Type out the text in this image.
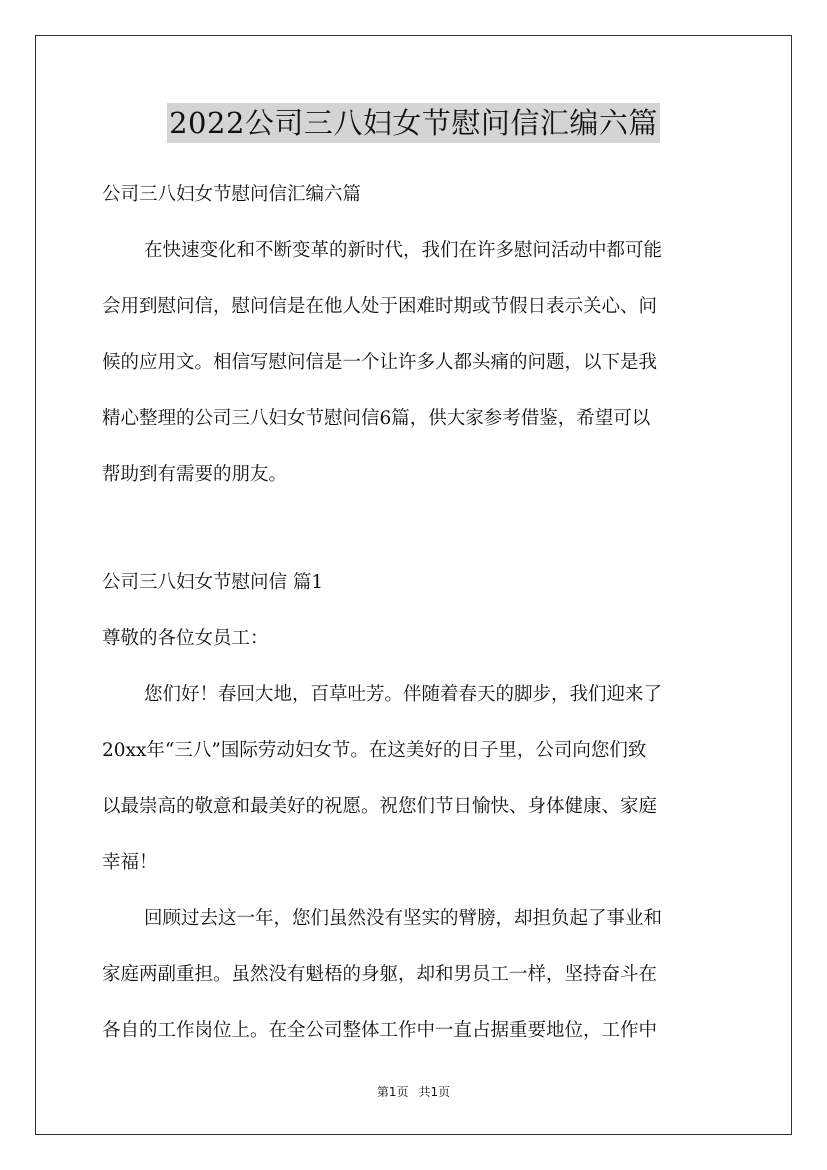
2022公司三八妇女节慰问信汇编六篇
公司三八妇女节慰问信汇编六篇
在快速变化和不断变革的新时代，我们在许多慰问活动中都可能
会用到慰问信，慰问信是在他人处于困难时期或节假日表示关心、问
候的应用文。相信写慰问信是一个让许多人都头痛的问题，以下是我
精心整理的公司三八妇女节慰问信6篇，供大家参考借鉴，希望可以
帮助到有需要的朋友。
公司三八妇女节慰问信 篇1
尊敬的各位女员工：
您们好！春回大地，百草吐芳。伴随着春天的脚步，我们迎来了
20xx年“三八”国际劳动妇女节。在这美好的日子里，公司向您们致
以最崇高的敬意和最美好的祝愿。祝您们节日愉快、身体健康、家庭
幸福！
回顾过去这一年，您们虽然没有坚实的臂膀，却担负起了事业和
家庭两副重担。虽然没有魁梧的身躯，却和男员工一样，坚持奋斗在
各自的工作岗位上。在全公司整体工作中一直占据重要地位，工作中
第1页 共1页
